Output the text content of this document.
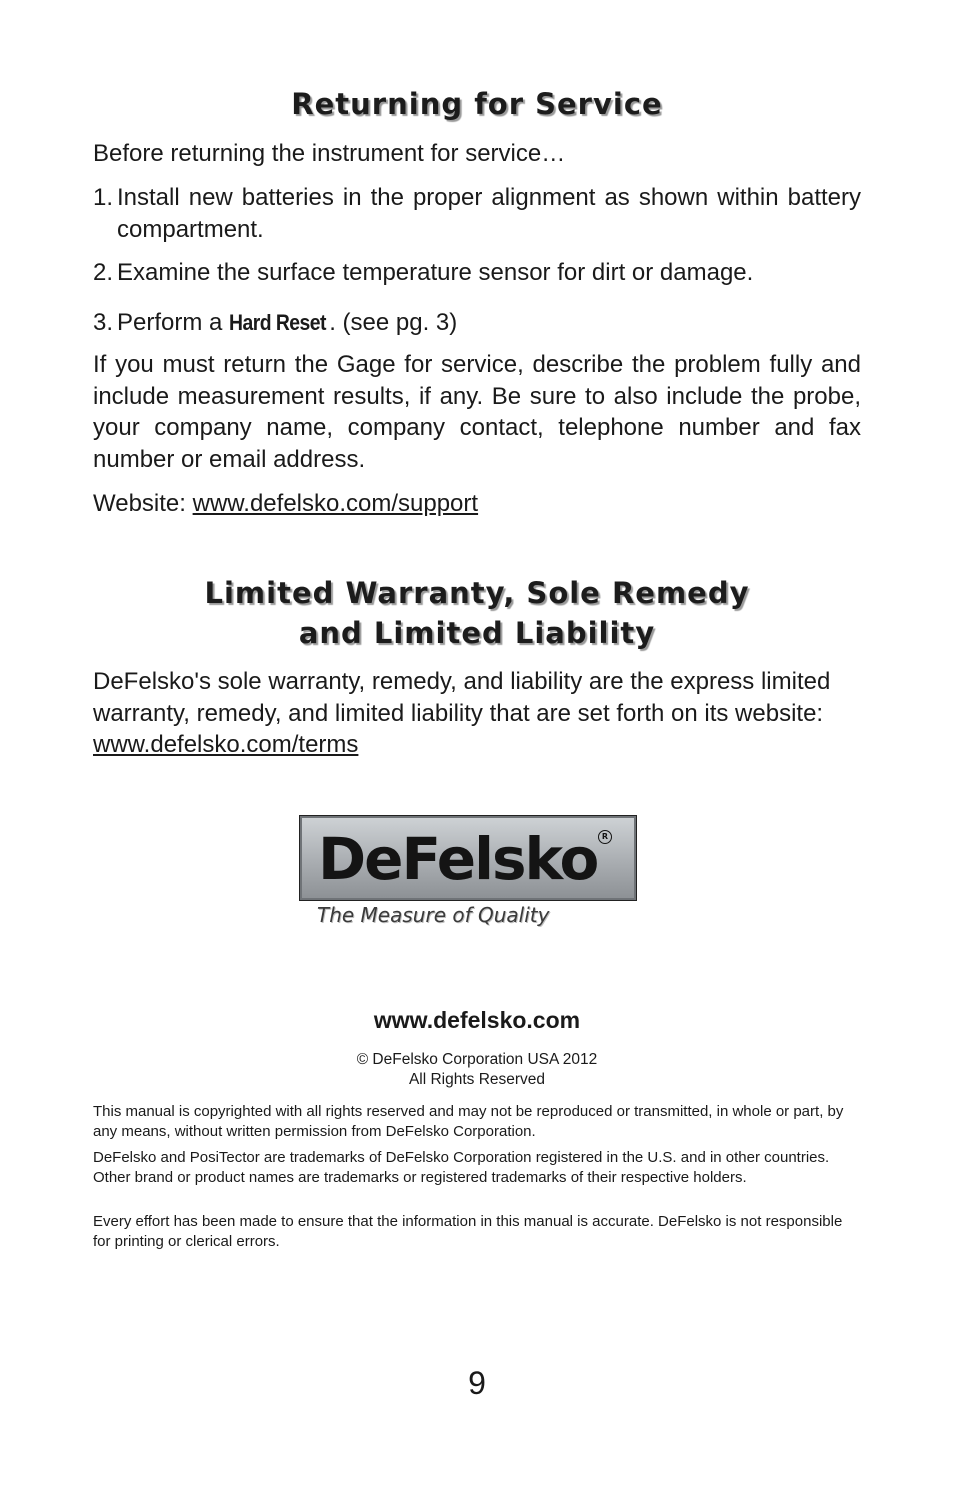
Returning for Service

Before returning the instrument for service…

1. Install new batteries in the proper alignment as shown within battery compartment.
2. Examine the surface temperature sensor for dirt or damage.
3. Perform a Hard Reset . (see pg. 3)

If you must return the Gage for service, describe the problem fully and include measurement results, if any. Be sure to also include the probe, your company name, company contact, telephone number and fax number or email address.

Website: www.defelsko.com/support

Limited Warranty, Sole Remedy
and Limited Liability

DeFelsko's sole warranty, remedy, and liability are the express limited warranty, remedy, and limited liability that are set forth on its website: www.defelsko.com/terms

DeFelsko R
The Measure of Quality
www.defelsko.com
© DeFelsko Corporation USA 2012
All Rights Reserved

This manual is copyrighted with all rights reserved and may not be reproduced or transmitted, in whole or part, by any means, without written permission from DeFelsko Corporation.

DeFelsko and PosiTector are trademarks of DeFelsko Corporation registered in the U.S. and in other countries. Other brand or product names are trademarks or registered trademarks of their respective holders.

Every effort has been made to ensure that the information in this manual is accurate. DeFelsko is not responsible for printing or clerical errors.

9
